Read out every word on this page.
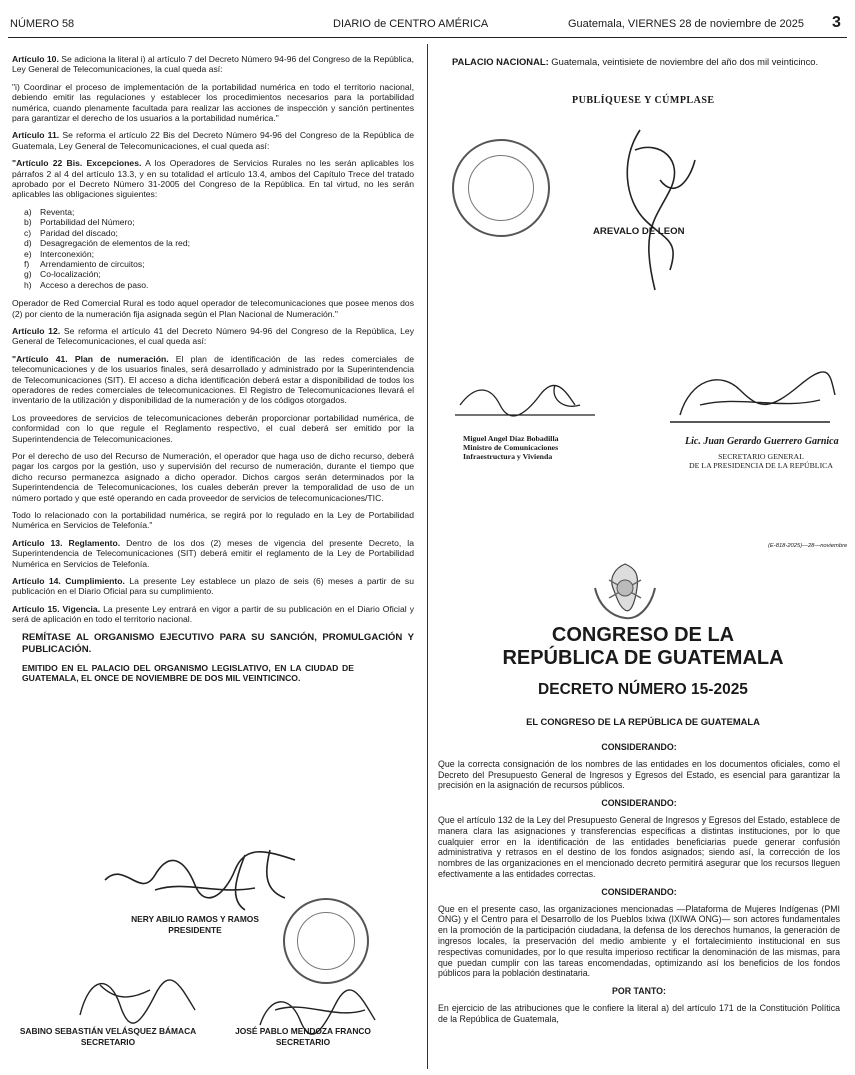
NÚMERO 58	DIARIO de CENTRO AMÉRICA	Guatemala, VIERNES 28 de noviembre de 2025 3

Artículo 10. Se adiciona la literal i) al artículo 7 del Decreto Número 94-96 del Congreso de la República, Ley General de Telecomunicaciones, la cual queda así:

"i) Coordinar el proceso de implementación de la portabilidad numérica en todo el territorio nacional, debiendo emitir las regulaciones y establecer los procedimientos necesarios para la portabilidad numérica, cuando plenamente facultada para realizar las acciones de inspección y sanción pertinentes para garantizar el derecho de los usuarios a la portabilidad numérica."

Artículo 11. Se reforma el artículo 22 Bis del Decreto Número 94-96 del Congreso de la República de Guatemala, Ley General de Telecomunicaciones, el cual queda así:

"Artículo 22 Bis. Excepciones. A los Operadores de Servicios Rurales no les serán aplicables los párrafos 2 al 4 del artículo 13.3, y en su totalidad el artículo 13.4, ambos del Capítulo Trece del tratado aprobado por el Decreto Número 31-2005 del Congreso de la República. En tal virtud, no les serán aplicables las obligaciones siguientes:

a) Reventa;
b) Portabilidad del Número;
c) Paridad del discado;
d) Desagregación de elementos de la red;
e) Interconexión;
f) Arrendamiento de circuitos;
g) Co-localización;
h) Acceso a derechos de paso.

Operador de Red Comercial Rural es todo aquel operador de telecomunicaciones que posee menos dos (2) por ciento de la numeración fija asignada según el Plan Nacional de Numeración."

Artículo 12. Se reforma el artículo 41 del Decreto Número 94-96 del Congreso de la República, Ley General de Telecomunicaciones, el cual queda así:

"Artículo 41. Plan de numeración. El plan de identificación de las redes comerciales de telecomunicaciones y de los usuarios finales, será desarrollado y administrado por la Superintendencia de Telecomunicaciones (SIT). El acceso a dicha identificación deberá estar a disponibilidad de todos los operadores de redes comerciales de telecomunicaciones. El Registro de Telecomunicaciones llevará el inventario de la utilización y disponibilidad de la numeración y de los códigos otorgados.

Los proveedores de servicios de telecomunicaciones deberán proporcionar portabilidad numérica, de conformidad con lo que regule el Reglamento respectivo, el cual deberá ser emitido por la Superintendencia de Telecomunicaciones.

Por el derecho de uso del Recurso de Numeración, el operador que haga uso de dicho recurso, deberá pagar los cargos por la gestión, uso y supervisión del recurso de numeración, durante el tiempo que dicho recurso permanezca asignado a dicho operador. Dichos cargos serán determinados por la Superintendencia de Telecomunicaciones, los cuales deberán prever la temporalidad de uso de un número portado y que esté operando en cada proveedor de servicios de telecomunicaciones/TIC.

Todo lo relacionado con la portabilidad numérica, se regirá por lo regulado en la Ley de Portabilidad Numérica en Servicios de Telefonía."

Artículo 13. Reglamento. Dentro de los dos (2) meses de vigencia del presente Decreto, la Superintendencia de Telecomunicaciones (SIT) deberá emitir el reglamento de la Ley de Portabilidad Numérica en Servicios de Telefonía.

Artículo 14. Cumplimiento. La presente Ley establece un plazo de seis (6) meses a partir de su publicación en el Diario Oficial para su cumplimiento.

Artículo 15. Vigencia. La presente Ley entrará en vigor a partir de su publicación en el Diario Oficial y será de aplicación en todo el territorio nacional.

REMÍTASE AL ORGANISMO EJECUTIVO PARA SU SANCIÓN, PROMULGACIÓN Y PUBLICACIÓN.

EMITIDO EN EL PALACIO DEL ORGANISMO LEGISLATIVO, EN LA CIUDAD DE GUATEMALA, EL ONCE DE NOVIEMBRE DE DOS MIL VEINTICINCO.

NERY ABILIO RAMOS Y RAMOS
PRESIDENTE
SABINO SEBASTIÁN VELÁSQUEZ BÁMACA
SECRETARIO
JOSÉ PABLO MENDOZA FRANCO
SECRETARIO
PALACIO NACIONAL: Guatemala, veintisiete de noviembre del año dos mil veinticinco.
PUBLÍQUESE Y CÚMPLASE
AREVALO DE LEON
Miguel Angel Díaz Bobadilla
Ministro de Comunicaciones
Infraestructura y Vivienda
Lic. Juan Gerardo Guerrero Garnica
SECRETARIO GENERAL
DE LA PRESIDENCIA DE LA REPÚBLICA
(E-818-2025)—28—noviembre
CONGRESO DE LA
REPÚBLICA DE GUATEMALA
DECRETO NÚMERO 15-2025
EL CONGRESO DE LA REPÚBLICA DE GUATEMALA
CONSIDERANDO:

Que la correcta consignación de los nombres de las entidades en los documentos oficiales, como el Decreto del Presupuesto General de Ingresos y Egresos del Estado, es esencial para garantizar la precisión en la asignación de recursos públicos.

CONSIDERANDO:

Que el artículo 132 de la Ley del Presupuesto General de Ingresos y Egresos del Estado, establece de manera clara las asignaciones y transferencias específicas a distintas instituciones, por lo que cualquier error en la identificación de las entidades beneficiarias puede generar confusión administrativa y retrasos en el destino de los fondos asignados; siendo así, la corrección de los nombres de las organizaciones en el mencionado decreto permitirá asegurar que los recursos lleguen efectivamente a las entidades correctas.

CONSIDERANDO:

Que en el presente caso, las organizaciones mencionadas —Plataforma de Mujeres Indígenas (PMI ONG) y el Centro para el Desarrollo de los Pueblos Ixiwa (IXIWA ONG)— son actores fundamentales en la promoción de la participación ciudadana, la defensa de los derechos humanos, la generación de ingresos locales, la preservación del medio ambiente y el fortalecimiento institucional en sus respectivas comunidades, por lo que resulta imperioso rectificar la denominación de las mismas, para que puedan cumplir con las tareas encomendadas, optimizando así los beneficios de los fondos públicos para la población destinataria.

POR TANTO:

En ejercicio de las atribuciones que le confiere la literal a) del artículo 171 de la Constitución Política de la República de Guatemala,
